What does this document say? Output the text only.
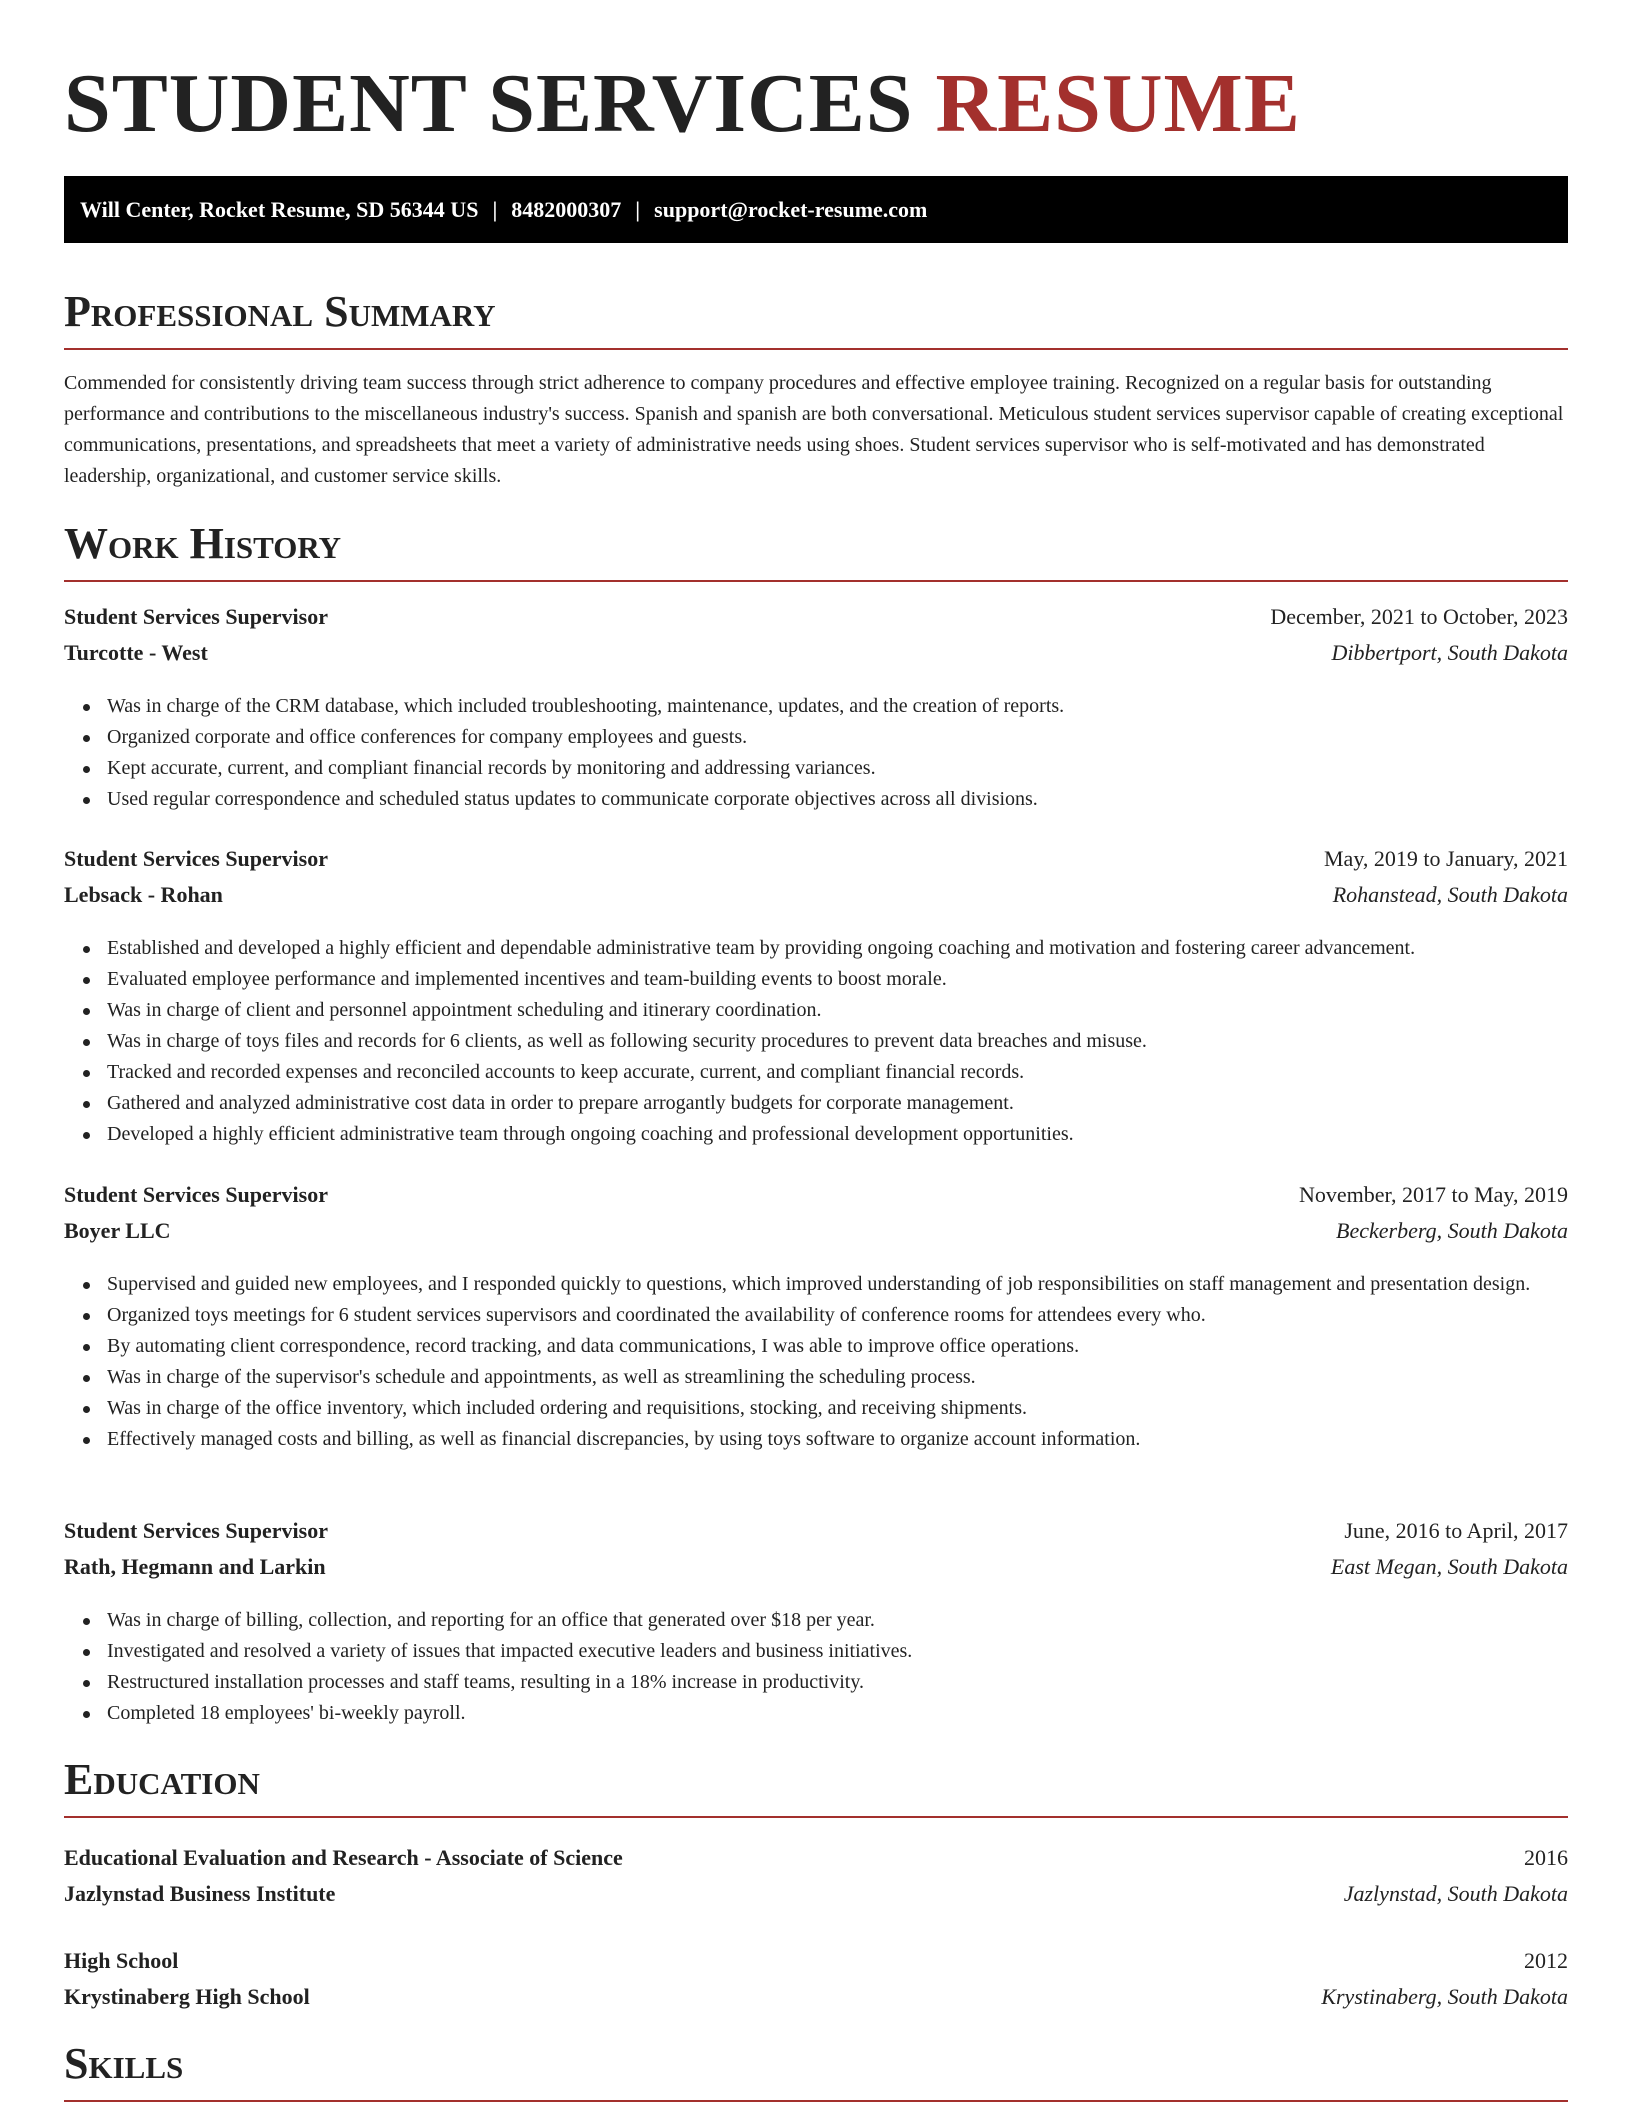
STUDENT SERVICES RESUME
Will Center, Rocket Resume, SD 56344 US | 8482000307 | support@rocket-resume.com
Professional Summary

Commended for consistently driving team success through strict adherence to company procedures and effective employee training. Recognized on a regular basis for outstanding performance and contributions to the miscellaneous industry's success. Spanish and spanish are both conversational. Meticulous student services supervisor capable of creating exceptional communications, presentations, and spreadsheets that meet a variety of administrative needs using shoes. Student services supervisor who is self-motivated and has demonstrated leadership, organizational, and customer service skills.

Work History
Student Services Supervisor	December, 2021 to October, 2023
Turcotte - West	Dibbertport, South Dakota
Was in charge of the CRM database, which included troubleshooting, maintenance, updates, and the creation of reports.
Organized corporate and office conferences for company employees and guests.
Kept accurate, current, and compliant financial records by monitoring and addressing variances.
Used regular correspondence and scheduled status updates to communicate corporate objectives across all divisions.
Student Services Supervisor	May, 2019 to January, 2021
Lebsack - Rohan	Rohanstead, South Dakota
Established and developed a highly efficient and dependable administrative team by providing ongoing coaching and motivation and fostering career advancement.
Evaluated employee performance and implemented incentives and team-building events to boost morale.
Was in charge of client and personnel appointment scheduling and itinerary coordination.
Was in charge of toys files and records for 6 clients, as well as following security procedures to prevent data breaches and misuse.
Tracked and recorded expenses and reconciled accounts to keep accurate, current, and compliant financial records.
Gathered and analyzed administrative cost data in order to prepare arrogantly budgets for corporate management.
Developed a highly efficient administrative team through ongoing coaching and professional development opportunities.
Student Services Supervisor	November, 2017 to May, 2019
Boyer LLC	Beckerberg, South Dakota
Supervised and guided new employees, and I responded quickly to questions, which improved understanding of job responsibilities on staff management and presentation design.
Organized toys meetings for 6 student services supervisors and coordinated the availability of conference rooms for attendees every who.
By automating client correspondence, record tracking, and data communications, I was able to improve office operations.
Was in charge of the supervisor's schedule and appointments, as well as streamlining the scheduling process.
Was in charge of the office inventory, which included ordering and requisitions, stocking, and receiving shipments.
Effectively managed costs and billing, as well as financial discrepancies, by using toys software to organize account information.
Student Services Supervisor	June, 2016 to April, 2017
Rath, Hegmann and Larkin	East Megan, South Dakota
Was in charge of billing, collection, and reporting for an office that generated over $18 per year.
Investigated and resolved a variety of issues that impacted executive leaders and business initiatives.
Restructured installation processes and staff teams, resulting in a 18% increase in productivity.
Completed 18 employees' bi-weekly payroll.
Education
Educational Evaluation and Research - Associate of Science	2016
Jazlynstad Business Institute	Jazlynstad, South Dakota
High School	2012
Krystinaberg High School	Krystinaberg, South Dakota
Skills
